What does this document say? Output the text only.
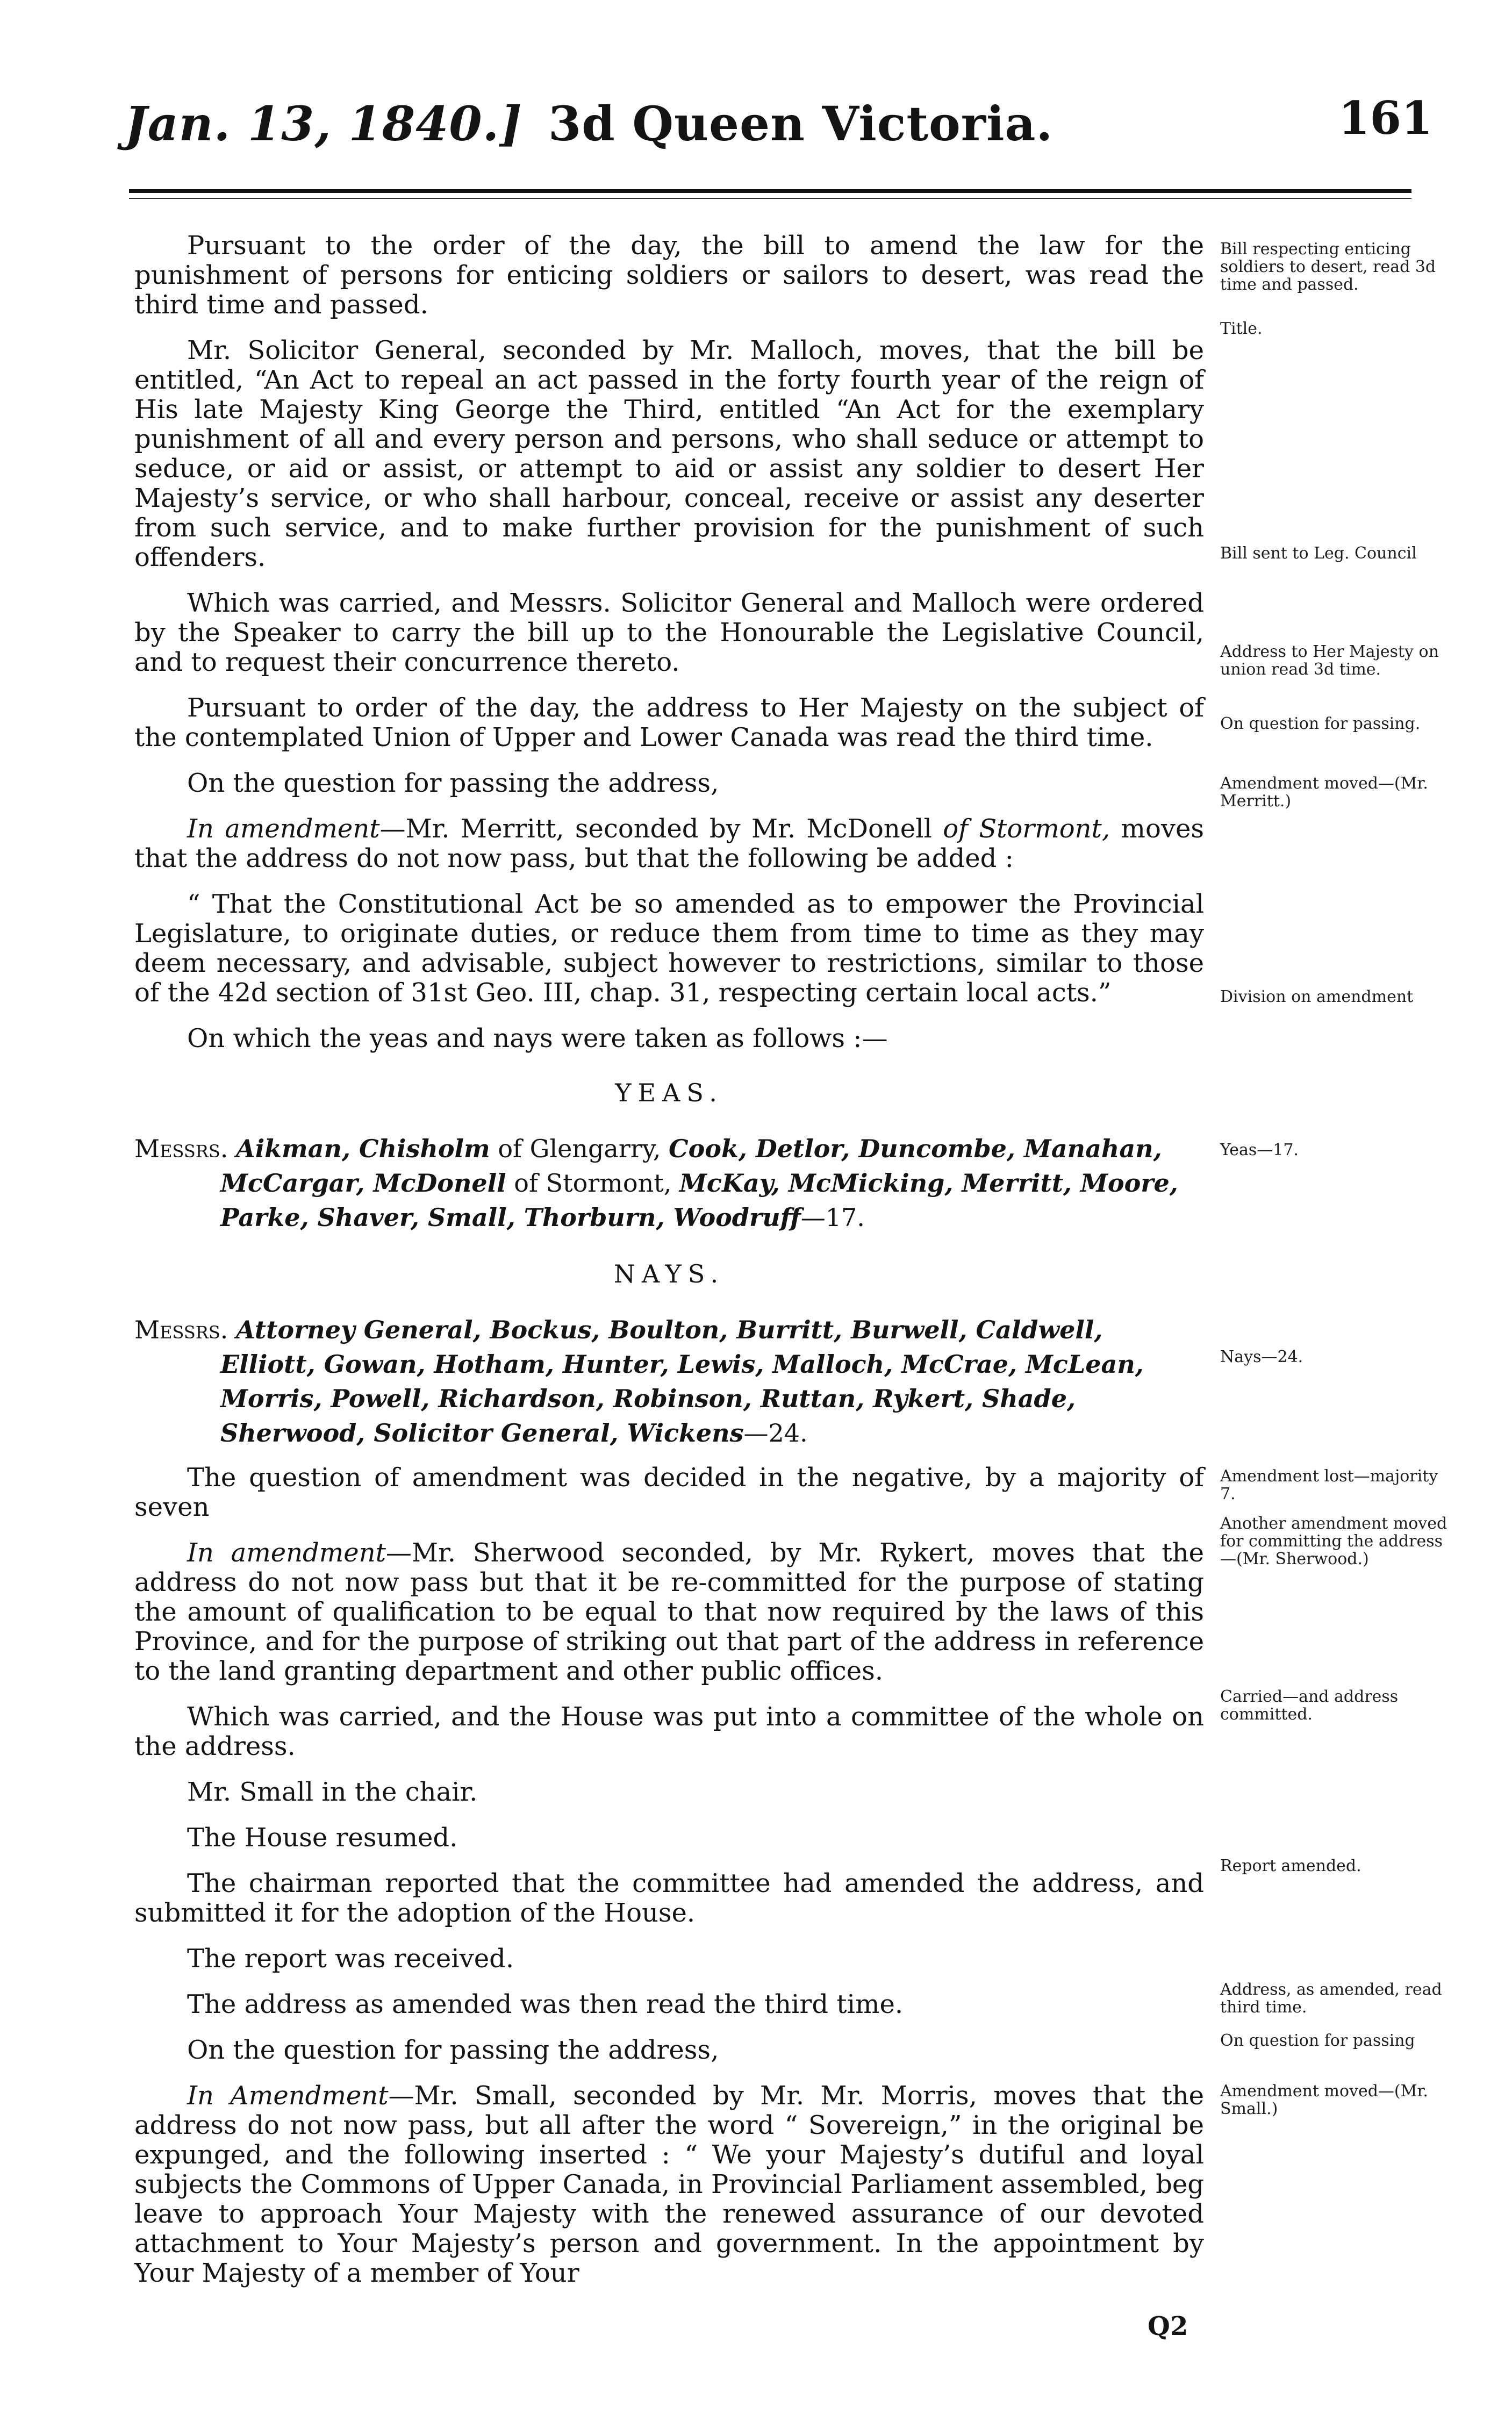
Jan. 13, 1840.] 3d Queen Victoria.	161

Pursuant to the order of the day, the bill to amend the law for the punishment of persons for enticing soldiers or sailors to desert, was read the third time and passed.

Mr. Solicitor General, seconded by Mr. Malloch, moves, that the bill be entitled, “An Act to repeal an act passed in the forty fourth year of the reign of His late Majesty King George the Third, entitled “An Act for the exemplary punishment of all and every person and persons, who shall seduce or attempt to seduce, or aid or assist, or attempt to aid or assist any soldier to desert Her Majesty’s service, or who shall harbour, conceal, receive or assist any deserter from such service, and to make further provision for the punishment of such offenders.

Which was carried, and Messrs. Solicitor General and Malloch were ordered by the Speaker to carry the bill up to the Honourable the Legislative Council, and to request their concurrence thereto.

Pursuant to order of the day, the address to Her Majesty on the subject of the contemplated Union of Upper and Lower Canada was read the third time.

On the question for passing the address,

In amendment—Mr. Merritt, seconded by Mr. McDonell of Stormont, moves that the address do not now pass, but that the following be added :

“ That the Constitutional Act be so amended as to empower the Provincial Legislature, to originate duties, or reduce them from time to time as they may deem necessary, and advisable, subject however to restrictions, similar to those of the 42d section of 31st Geo. III, chap. 31, respecting certain local acts.”

On which the yeas and nays were taken as follows :—

YEAS.

Messrs. Aikman, Chisholm of Glengarry, Cook, Detlor, Duncombe, Manahan, McCargar, McDonell of Stormont, McKay, McMicking, Merritt, Moore, Parke, Shaver, Small, Thorburn, Woodruff—17.

NAYS.

Messrs. Attorney General, Bockus, Boulton, Burritt, Burwell, Caldwell, Elliott, Gowan, Hotham, Hunter, Lewis, Malloch, McCrae, McLean, Morris, Powell, Richardson, Robinson, Ruttan, Rykert, Shade, Sherwood, Solicitor General, Wickens—24.

The question of amendment was decided in the negative, by a majority of seven

In amendment—Mr. Sherwood seconded, by Mr. Rykert, moves that the address do not now pass but that it be re-committed for the purpose of stating the amount of qualification to be equal to that now required by the laws of this Province, and for the purpose of striking out that part of the address in reference to the land granting department and other public offices.

Which was carried, and the House was put into a committee of the whole on the address.

Mr. Small in the chair.

The House resumed.

The chairman reported that the committee had amended the address, and submitted it for the adoption of the House.

The report was received.

The address as amended was then read the third time.

On the question for passing the address,

In Amendment—Mr. Small, seconded by Mr. Mr. Morris, moves that the address do not now pass, but all after the word “ Sovereign,” in the original be expunged, and the following inserted : “ We your Majesty’s dutiful and loyal subjects the Commons of Upper Canada, in Provincial Parliament assembled, beg leave to approach Your Majesty with the renewed assurance of our devoted attachment to Your Majesty’s person and government. In the appointment by Your Majesty of a member of Your

Bill respecting enticing soldiers to desert, read 3d time and passed.
Title.
Bill sent to Leg. Council
Address to Her Majesty on union read 3d time.
On question for passing.
Amendment moved—(Mr. Merritt.)
Division on amendment
Yeas—17.
Nays—24.
Amendment lost—majority 7.
Another amendment moved for committing the address—(Mr. Sherwood.)
Carried—and address committed.
Report amended.
Address, as amended, read third time.
On question for passing
Amendment moved—(Mr. Small.)
Q2
